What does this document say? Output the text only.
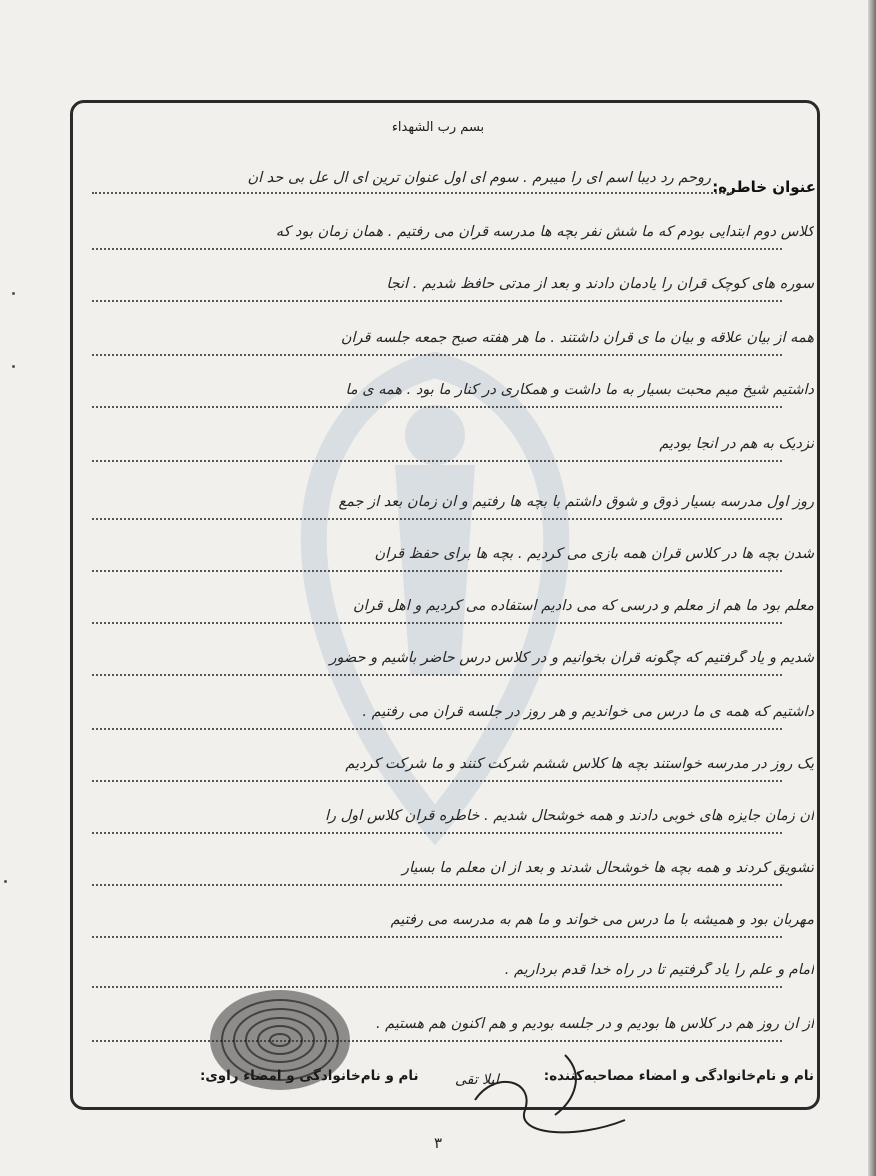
بسم رب الشهداء
عنوان خاطره:
روحم رد دیبا اسم ای را میبرم . سوم ای اول عنوان ترین ای ال عل بی حد آن
کلاس دوم ابتدایی بودم که ما شش نفر بچه ها مدرسه قرآن می رفتیم . همان زمان بود که
سوره های کوچک قرآن را یادمان دادند و بعد از مدتی حافظ شدیم . آنجا
همه از بیان علاقه و بیان ما ی قرآن داشتند . ما هر هفته صبح جمعه جلسه قرآن
داشتیم شیخ میم محبت بسیار به ما داشت و همکاری در کنار ما بود . همه ی ما
نزدیک به هم در آنجا بودیم
روز اول مدرسه بسیار ذوق و شوق داشتم با بچه ها رفتیم و آن زمان بعد از جمع
شدن بچه ها در کلاس قرآن همه بازی می کردیم . بچه ها برای حفظ قرآن
معلم بود ما هم از معلم و درسی که می دادیم استفاده می کردیم و اهل قرآن
شدیم و یاد گرفتیم که چگونه قرآن بخوانیم و در کلاس درس حاضر باشیم و حضور
داشتیم که همه ی ما درس می خواندیم و هر روز در جلسه قرآن می رفتیم .
یک روز در مدرسه خواستند بچه ها کلاس ششم شرکت کنند و ما شرکت کردیم
آن زمان جایزه های خوبی دادند و همه خوشحال شدیم . خاطره قرآن کلاس اول را
تشویق کردند و همه بچه ها خوشحال شدند و بعد از آن معلم ما بسیار
مهربان بود و همیشه با ما درس می خواند و ما هم به مدرسه می رفتیم
امام و علم را یاد گرفتیم تا در راه خدا قدم برداریم .
از آن روز هم در کلاس ها بودیم و در جلسه بودیم و هم اکنون هم هستیم .
نام و نام‌خانوادگی و امضاء مصاحبه‌کننده:
نام و نام‌خانوادگی و امضاء راوی:	لیلا تقی
۳
